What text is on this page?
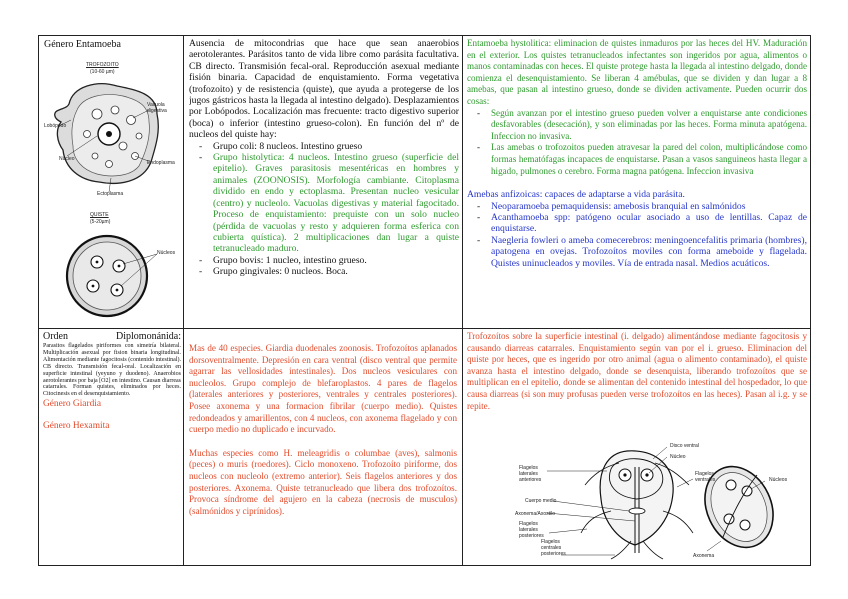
Género Entamoeba
TROFOZOITO
(10-60 µm)
Lobópodo
Vacuola digestiva
Núcleo
Endoplasma
Ectoplasma
QUISTE
(5-20µm)
Núcleos

Ausencia de mitocondrias que hace que sean anaerobios aerotolerantes. Parásitos tanto de vida libre como parásita facultativa. CB directo. Transmisión fecal-oral. Reproducción asexual mediante fisión binaria. Capacidad de enquistamiento. Forma vegetativa (trofozoito) y de resistencia (quiste), que ayuda a protegerse de los jugos gástricos hasta la llegada al intestino delgado). Desplazamientos por Lobópodos. Localización mas frecuente: tracto digestivo superior (boca) o inferior (intestino grueso-colon). En función del nº de nucleos del quiste hay:

- Grupo coli: 8 nucleos. Intestino grueso
- Grupo histolytica: 4 nucleos. Intestino grueso (superficie del epitelio). Graves parasitosis mesentéricas en hombres y animales (ZOONOSIS). Morfología cambiante. Citoplasma dividido en endo y ectoplasma. Presentan nucleo vesicular (centro) y nucleolo. Vacuolas digestivas y material fagocitado. Proceso de enquistamiento: prequiste con un solo nucleo (pérdida de vacuolas y resto y adquieren forma esferica con cubierta quística). 2 multiplicaciones dan lugar a quiste tetranucleado maduro.
- Grupo bovis: 1 nucleo, intestino grueso.
- Grupo gingivales: 0 nucleos. Boca.

Entamoeba hystolitica: eliminacion de quistes inmaduros por las heces del HV. Maduración en el exterior. Los quistes tetranucleados infectantes son ingeridos por agua, alimentos o manos contaminadas con heces. El quiste protege hasta la llegada al intestino delgado, donde comienza el desenquistamiento. Se liberan 4 amébulas, que se dividen y dan lugar a 8 amebas, que pasan al intestino grueso, donde se dividen activamente. Pueden ocurrir dos cosas:

- Según avanzan por el intestino grueso pueden volver a enquistarse ante condiciones desfavorables (desecación), y son eliminadas por las heces. Forma minuta apatógena. Infeccion no invasiva.
- Las amebas o trofozoitos pueden atravesar la pared del colon, multiplicándose como formas hematófagas incapaces de enquistarse. Pasan a vasos sanguineos hasta llegar a higado, pulmones o cerebro. Forma magna patógena. Infeccion invasiva

Amebas anfizoicas: capaces de adaptarse a vida parásita.

- Neoparamoeba pemaquidensis: amebosis branquial en salmónidos
- Acanthamoeba spp: patógeno ocular asociado a uso de lentillas. Capaz de enquistarse.
- Naegleria fowleri o ameba comecerebros: meningoencefalitis primaria (hombres), apatogena en ovejas. Trofozoítos moviles con forma ameboide y flagelada. Quistes uninucleados y moviles. Vía de entrada nasal. Medios acuáticos.
Orden Diplomonánida:

Parasitos flagelados piriformes con simetría bilateral. Multiplicación asexual por fision binaria longitudinal. Alimentación mediante fagocitosis (contenido intestinal). CB directo. Transmisión fecal-oral. Localización en superficie intestinal (yeyuno y duodeno). Anaerobios aerotolerantes por baja [O2] en intestino. Causan diarreas catarrales. Forman quistes, eliminados por heces. Citocinesis en el desenquistamiento.

Género Giardia
Género Hexamita

Mas de 40 especies. Giardia duodenales zoonosis. Trofozoítos aplanados dorsoventralmente. Depresión en cara ventral (disco ventral que permite agarrar las vellosidades intestinales). Dos nucleos vesiculares con nucleolos. Grupo complejo de blefaroplastos. 4 pares de flagelos (laterales anteriores y posteriores, ventrales y centrales posteriores). Posee axonema y una formacion fibrilar (cuerpo medio). Quistes redondeados y amarillentos, con 4 nucleos, con axonema flagelado y con cuerpo medio no duplicado e incurvado.

Muchas especies como H. meleagridis o columbae (aves), salmonis (peces) o muris (roedores). Ciclo monoxeno. Trofozoíto piriforme, dos nucleos con nucleolo (extremo anterior). Seis flagelos anteriores y dos posteriores. Axonema. Quiste tetranucleado que libera dos trofozoítos. Provoca síndrome del agujero en la cabeza (necrosis de musculos) (salmónidos y ciprínidos).

Trofozoítos sobre la superficie intestinal (i. delgado) alimentándose mediante fagocitosis y causando diarreas catarrales. Enquistamiento según van por el i. grueso. Eliminacion del quiste por heces, que es ingerido por otro animal (agua o alimento contaminado), el quiste avanza hasta el intestino delgado, donde se desenquista, liberando trofozoítos que se multiplican en el epitelio, donde se alimentan del contenido intestinal del hospedador, lo que causa diarreas (si son muy profusas pueden verse trofozoítos en las heces). Pasan al i.g. y se repite.

Disco ventral
Núcleo
Flagelos laterales anteriores
Flagelos ventrales	Núcleos
Cuerpo medio
Axonema/Axostilo
Flagelos laterales posteriores
Flagelos centrales posteriores	Axonema
